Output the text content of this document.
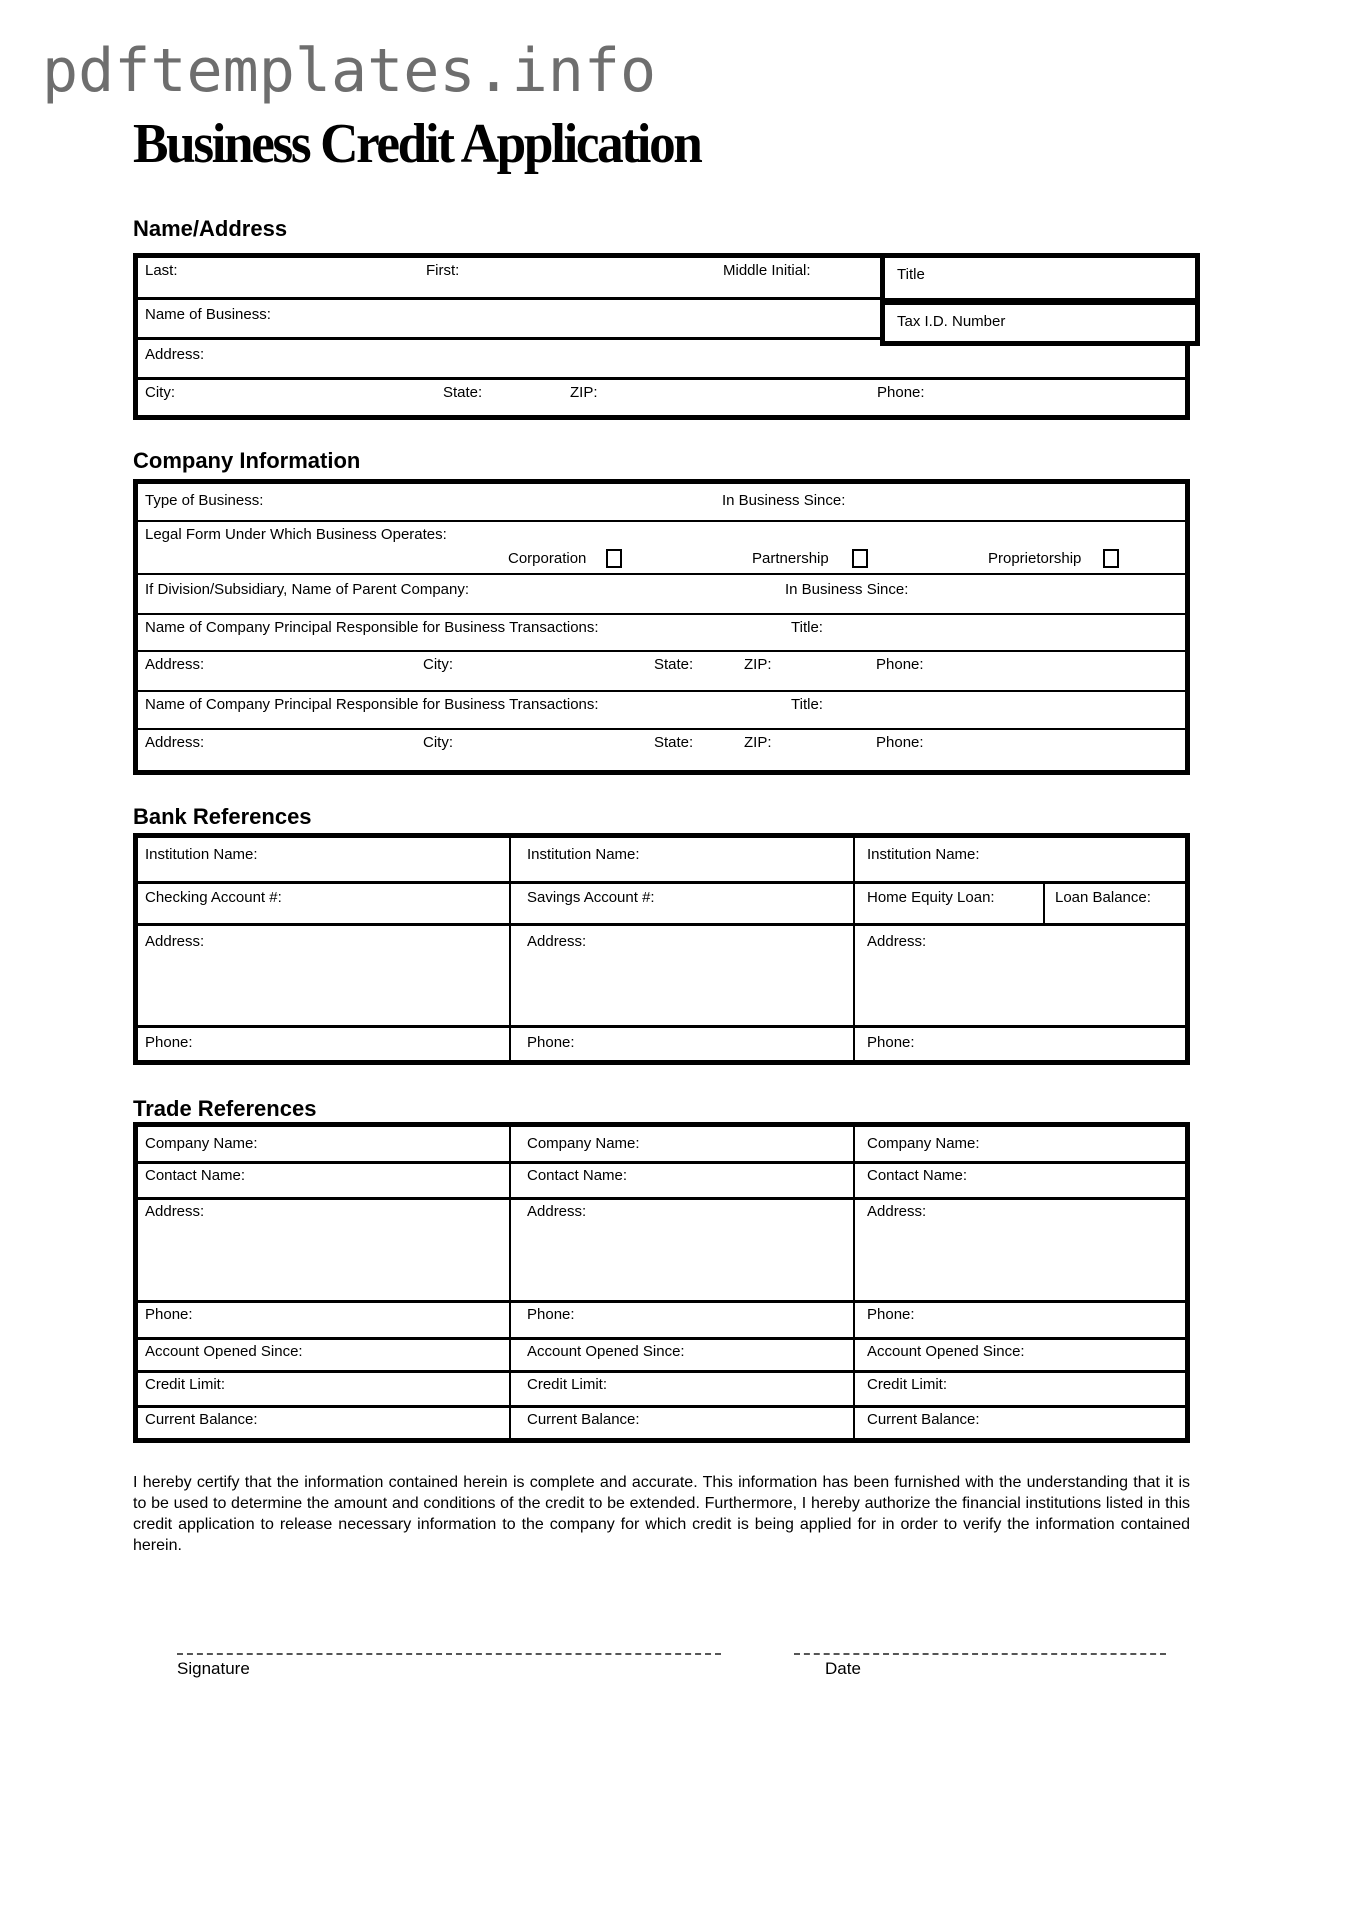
pdftemplates.info
Business Credit Application
Name/Address
Last:	First:	Middle Initial:	Title
Name of Business:	Tax I.D. Number
Address:
City:	State:	ZIP:	Phone:
Company Information
Type of Business:	In Business Since:
Legal Form Under Which Business Operates:
Corporation	Partnership	Proprietorship
If Division/Subsidiary, Name of Parent Company:	In Business Since:
Name of Company Principal Responsible for Business Transactions:	Title:
Address:	City:	State:	ZIP:	Phone:
Name of Company Principal Responsible for Business Transactions:	Title:
Address:	City:	State:	ZIP:	Phone:
Bank References
Institution Name:	Institution Name:	Institution Name:
Checking Account #:	Savings Account #:	Home Equity Loan:	Loan Balance:
Address:	Address:	Address:
Phone:	Phone:	Phone:
Trade References
Company Name:	Company Name:	Company Name:
Contact Name:	Contact Name:	Contact Name:
Address:	Address:	Address:
Phone:	Phone:	Phone:
Account Opened Since:	Account Opened Since:	Account Opened Since:
Credit Limit:	Credit Limit:	Credit Limit:
Current Balance:	Current Balance:	Current Balance:
I hereby certify that the information contained herein is complete and accurate. This information has been furnished with the understanding that it is to be used to determine the amount and conditions of the credit to be extended. Furthermore, I hereby authorize the financial institutions listed in this credit application to release necessary information to the company for which credit is being applied for in order to verify the information contained herein.
Signature	Date
